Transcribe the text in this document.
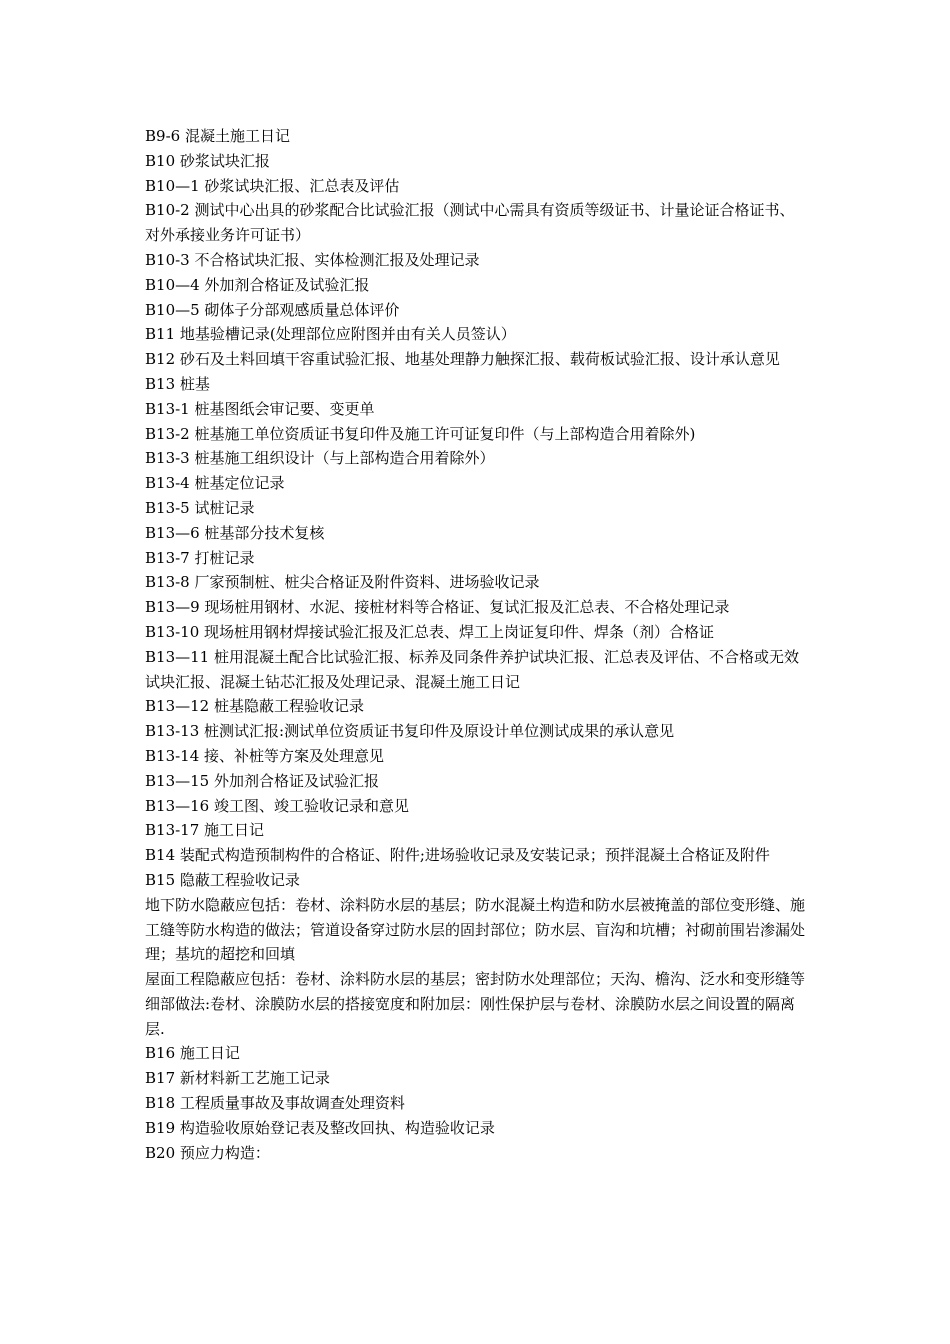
B9-6 混凝土施工日记

B10 砂浆试块汇报

B10—1 砂浆试块汇报、汇总表及评估

B10-2 测试中心出具的砂浆配合比试验汇报（测试中心需具有资质等级证书、计量论证合格证书、对外承接业务许可证书）

B10-3 不合格试块汇报、实体检测汇报及处理记录

B10—4 外加剂合格证及试验汇报

B10—5 砌体子分部观感质量总体评价

B11 地基验槽记录(处理部位应附图并由有关人员签认）

B12 砂石及土料回填干容重试验汇报、地基处理静力触探汇报、载荷板试验汇报、设计承认意见

B13 桩基

B13-1 桩基图纸会审记要、变更单

B13-2 桩基施工单位资质证书复印件及施工许可证复印件（与上部构造合用着除外)

B13-3 桩基施工组织设计（与上部构造合用着除外）

B13-4 桩基定位记录

B13-5 试桩记录

B13—6 桩基部分技术复核

B13-7 打桩记录

B13-8 厂家预制桩、桩尖合格证及附件资料、进场验收记录

B13—9 现场桩用钢材、水泥、接桩材料等合格证、复试汇报及汇总表、不合格处理记录

B13-10 现场桩用钢材焊接试验汇报及汇总表、焊工上岗证复印件、焊条（剂）合格证

B13—11 桩用混凝土配合比试验汇报、标养及同条件养护试块汇报、汇总表及评估、不合格或无效试块汇报、混凝土钻芯汇报及处理记录、混凝土施工日记

B13—12 桩基隐蔽工程验收记录

B13-13 桩测试汇报:测试单位资质证书复印件及原设计单位测试成果的承认意见

B13-14 接、补桩等方案及处理意见

B13—15 外加剂合格证及试验汇报

B13—16 竣工图、竣工验收记录和意见

B13-17 施工日记

B14 装配式构造预制构件的合格证、附件;进场验收记录及安装记录；预拌混凝土合格证及附件

B15 隐蔽工程验收记录

地下防水隐蔽应包括：卷材、涂料防水层的基层；防水混凝土构造和防水层被掩盖的部位变形缝、施工缝等防水构造的做法；管道设备穿过防水层的固封部位；防水层、盲沟和坑槽；衬砌前围岩渗漏处理；基坑的超挖和回填

屋面工程隐蔽应包括：卷材、涂料防水层的基层；密封防水处理部位；天沟、檐沟、泛水和变形缝等细部做法:卷材、涂膜防水层的搭接宽度和附加层：刚性保护层与卷材、涂膜防水层之间设置的隔离层.

B16 施工日记

B17 新材料新工艺施工记录

B18 工程质量事故及事故调查处理资料

B19 构造验收原始登记表及整改回执、构造验收记录

B20 预应力构造：
